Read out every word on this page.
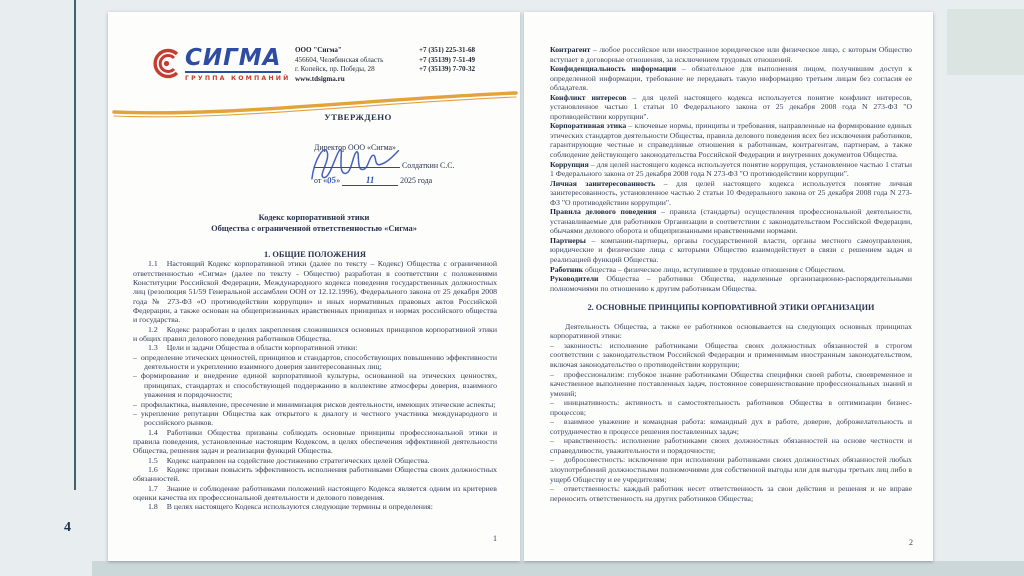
4
СИГМА
ГРУППА КОМПАНИЙ
ООО "Сигма"
456604, Челябинская область
г. Копейск, пр. Победы, 28
www.tdsigma.ru
+7 (351) 225-31-68
+7 (35139) 7-51-49
+7 (35139) 7-70-32
УТВЕРЖДЕНО
Директор ООО «Сигма»
Солдаткин С.С.
от «05»	11	2025 года
Кодекс корпоративной этики
Общества с ограниченной ответственностью «Сигма»

1. ОБЩИЕ ПОЛОЖЕНИЯ

1.1 Настоящий Кодекс корпоративной этики (далее по тексту – Кодекс) Общества с ограниченной ответственностью «Сигма» (далее по тексту - Общество) разработан в соответствии с положениями Конституции Российской Федерации, Международного кодекса поведения государственных должностных лиц (резолюция 51/59 Генеральной ассамблеи ООН от 12.12.1996), Федерального закона от 25 декабря 2008 года № 273-ФЗ «О противодействии коррупции» и иных нормативных правовых актов Российской Федерации, а также основан на общепризнанных нравственных принципах и нормах российского общества и государства.

1.2 Кодекс разработан в целях закрепления сложившихся основных принципов корпоративной этики и общих правил делового поведения работников Общества.

1.3 Цели и задачи Общества в области корпоративной этики:

– определение этических ценностей, принципов и стандартов, способствующих повышению эффективности деятельности и укреплению взаимного доверия заинтересованных лиц;

– формирование и внедрение единой корпоративной культуры, основанной на этических ценностях, принципах, стандартах и способствующей поддержанию в коллективе атмосферы доверия, взаимного уважения и порядочности;

– профилактика, выявление, пресечение и минимизация рисков деятельности, имеющих этические аспекты;

– укрепление репутации Общества как открытого к диалогу и честного участника международного и российского рынков.

1.4 Работники Общества призваны соблюдать основные принципы профессиональной этики и правила поведения, установленные настоящим Кодексом, в целях обеспечения эффективной деятельности Общества, решения задач и реализации функций Общества.

1.5 Кодекс направлен на содействие достижению стратегических целей Общества.

1.6 Кодекс призван повысить эффективность исполнения работниками Общества своих должностных обязанностей.

1.7 Знание и соблюдение работниками положений настоящего Кодекса является одним из критериев оценки качества их профессиональной деятельности и делового поведения.

1.8 В целях настоящего Кодекса используются следующие термины и определения:

1

Контрагент – любое российское или иностранное юридическое или физическое лицо, с которым Общество вступает в договорные отношения, за исключением трудовых отношений.

Конфиденциальность информации – обязательное для выполнения лицом, получившим доступ к определенной информации, требование не передавать такую информацию третьим лицам без согласия ее обладателя.

Конфликт интересов – для целей настоящего кодекса используется понятие конфликт интересов, установленное частью 1 статьи 10 Федерального закона от 25 декабря 2008 года N 273-ФЗ "О противодействии коррупции".

Корпоративная этика – ключевые нормы, принципы и требования, направленные на формирование единых этических стандартов деятельности Общества, правила делового поведения всех без исключения работников, гарантирующие честные и справедливые отношения к работникам, контрагентам, партнерам, а также соблюдение действующего законодательства Российской Федерации и внутренних документов Общества.

Коррупция – для целей настоящего кодекса используется понятие коррупция, установленное частью 1 статьи 1 Федерального закона от 25 декабря 2008 года N 273-ФЗ "О противодействии коррупции".

Личная заинтересованность – для целей настоящего кодекса используется понятие личная заинтересованность, установленное частью 2 статьи 10 Федерального закона от 25 декабря 2008 года N 273-ФЗ "О противодействии коррупции".

Правила делового поведения – правила (стандарты) осуществления профессиональной деятельности, устанавливаемые для работников Организации в соответствии с законодательством Российской Федерации, обычаями делового оборота и общепризнанными нравственными нормами.

Партнеры – компании-партнеры, органы государственной власти, органы местного самоуправления, юридические и физические лица с которыми Общество взаимодействует в связи с решением задач и реализацией функций Общества.

Работник общества – физическое лицо, вступившее в трудовые отношения с Обществом.

Руководители Общества – работники Общества, наделенные организационно-распорядительными полномочиями по отношению к другим работникам Общества.

2. ОСНОВНЫЕ ПРИНЦИПЫ КОРПОРАТИВНОЙ ЭТИКИ ОРГАНИЗАЦИИ

Деятельность Общества, а также ее работников основывается на следующих основных принципах корпоративной этики:

– законность: исполнение работниками Общества своих должностных обязанностей в строгом соответствии с законодательством Российской Федерации и применимым иностранным законодательством, включая законодательство о противодействии коррупции;

– профессионализм: глубокое знание работниками Общества специфики своей работы, своевременное и качественное выполнение поставленных задач, постоянное совершенствование профессиональных знаний и умений;

– инициативность: активность и самостоятельность работников Общества в оптимизации бизнес-процессов;

– взаимное уважение и командная работа: командный дух в работе, доверие, доброжелательность и сотрудничество в процессе решения поставленных задач;

– нравственность: исполнение работниками своих должностных обязанностей на основе честности и справедливости, уважительности и порядочности;

– добросовестность: исключение при исполнении работниками своих должностных обязанностей любых злоупотреблений должностными полномочиями для собственной выгоды или для выгоды третьих лиц либо в ущерб Обществу и ее учредителям;

– ответственность: каждый работник несет ответственность за свои действия и решения и не вправе переносить ответственность на других работников Общества;

2
